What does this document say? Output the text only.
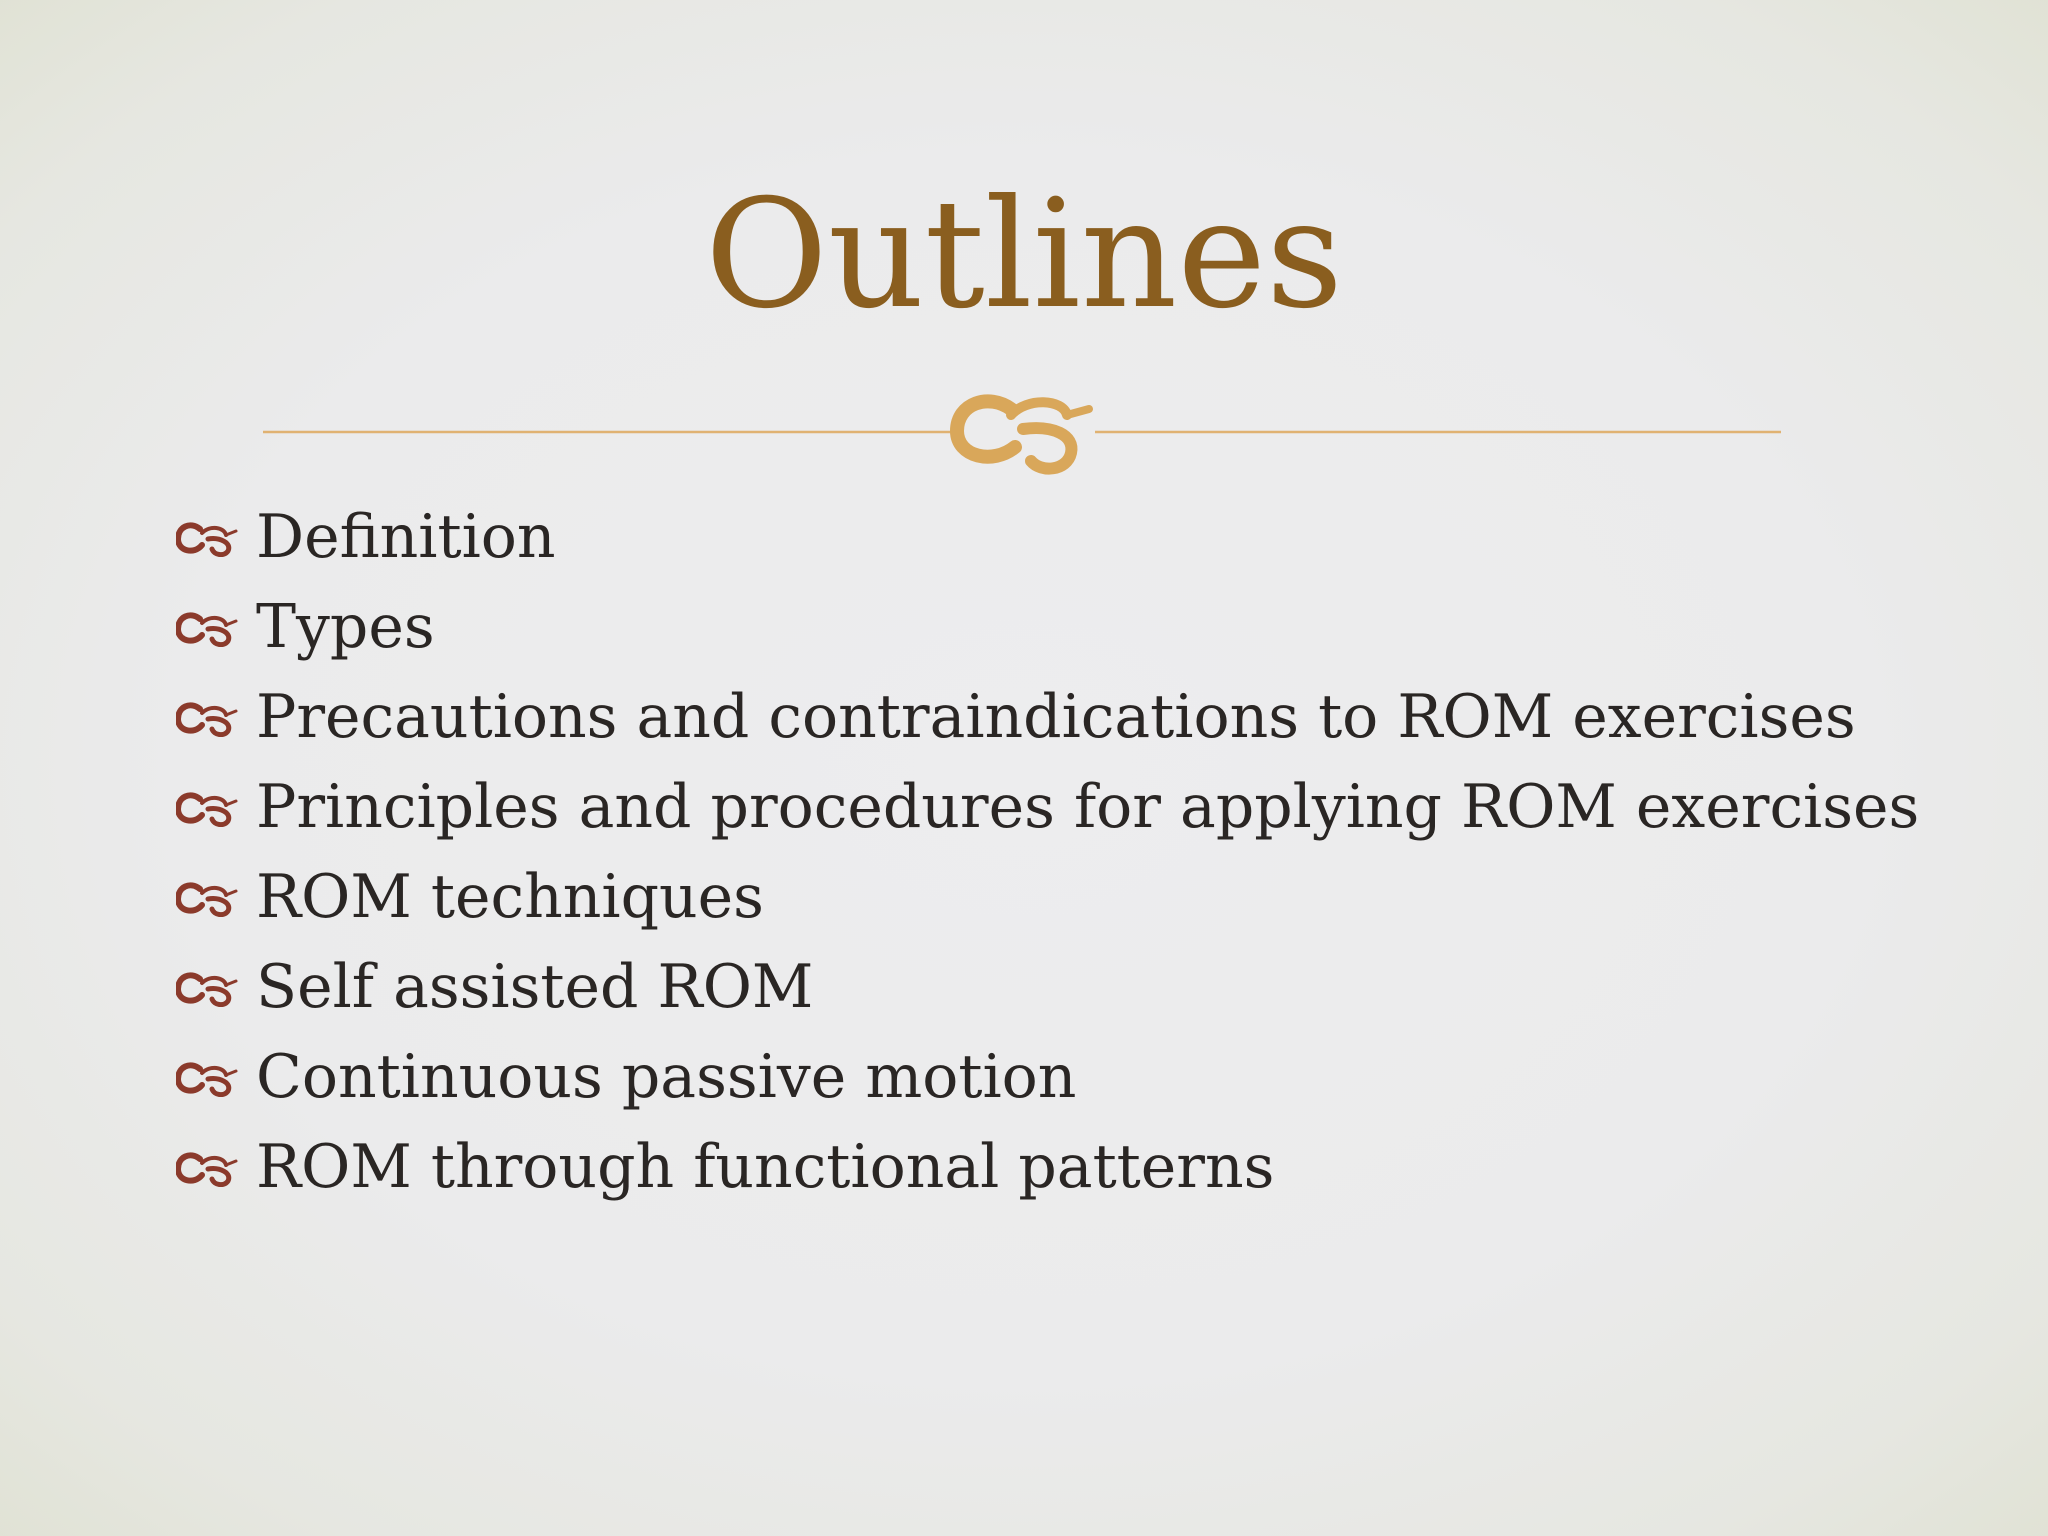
Outlines
Definition
Types
Precautions and contraindications to ROM exercises
Principles and procedures for applying ROM exercises
ROM techniques
Self assisted ROM
Continuous passive motion
ROM through functional patterns
